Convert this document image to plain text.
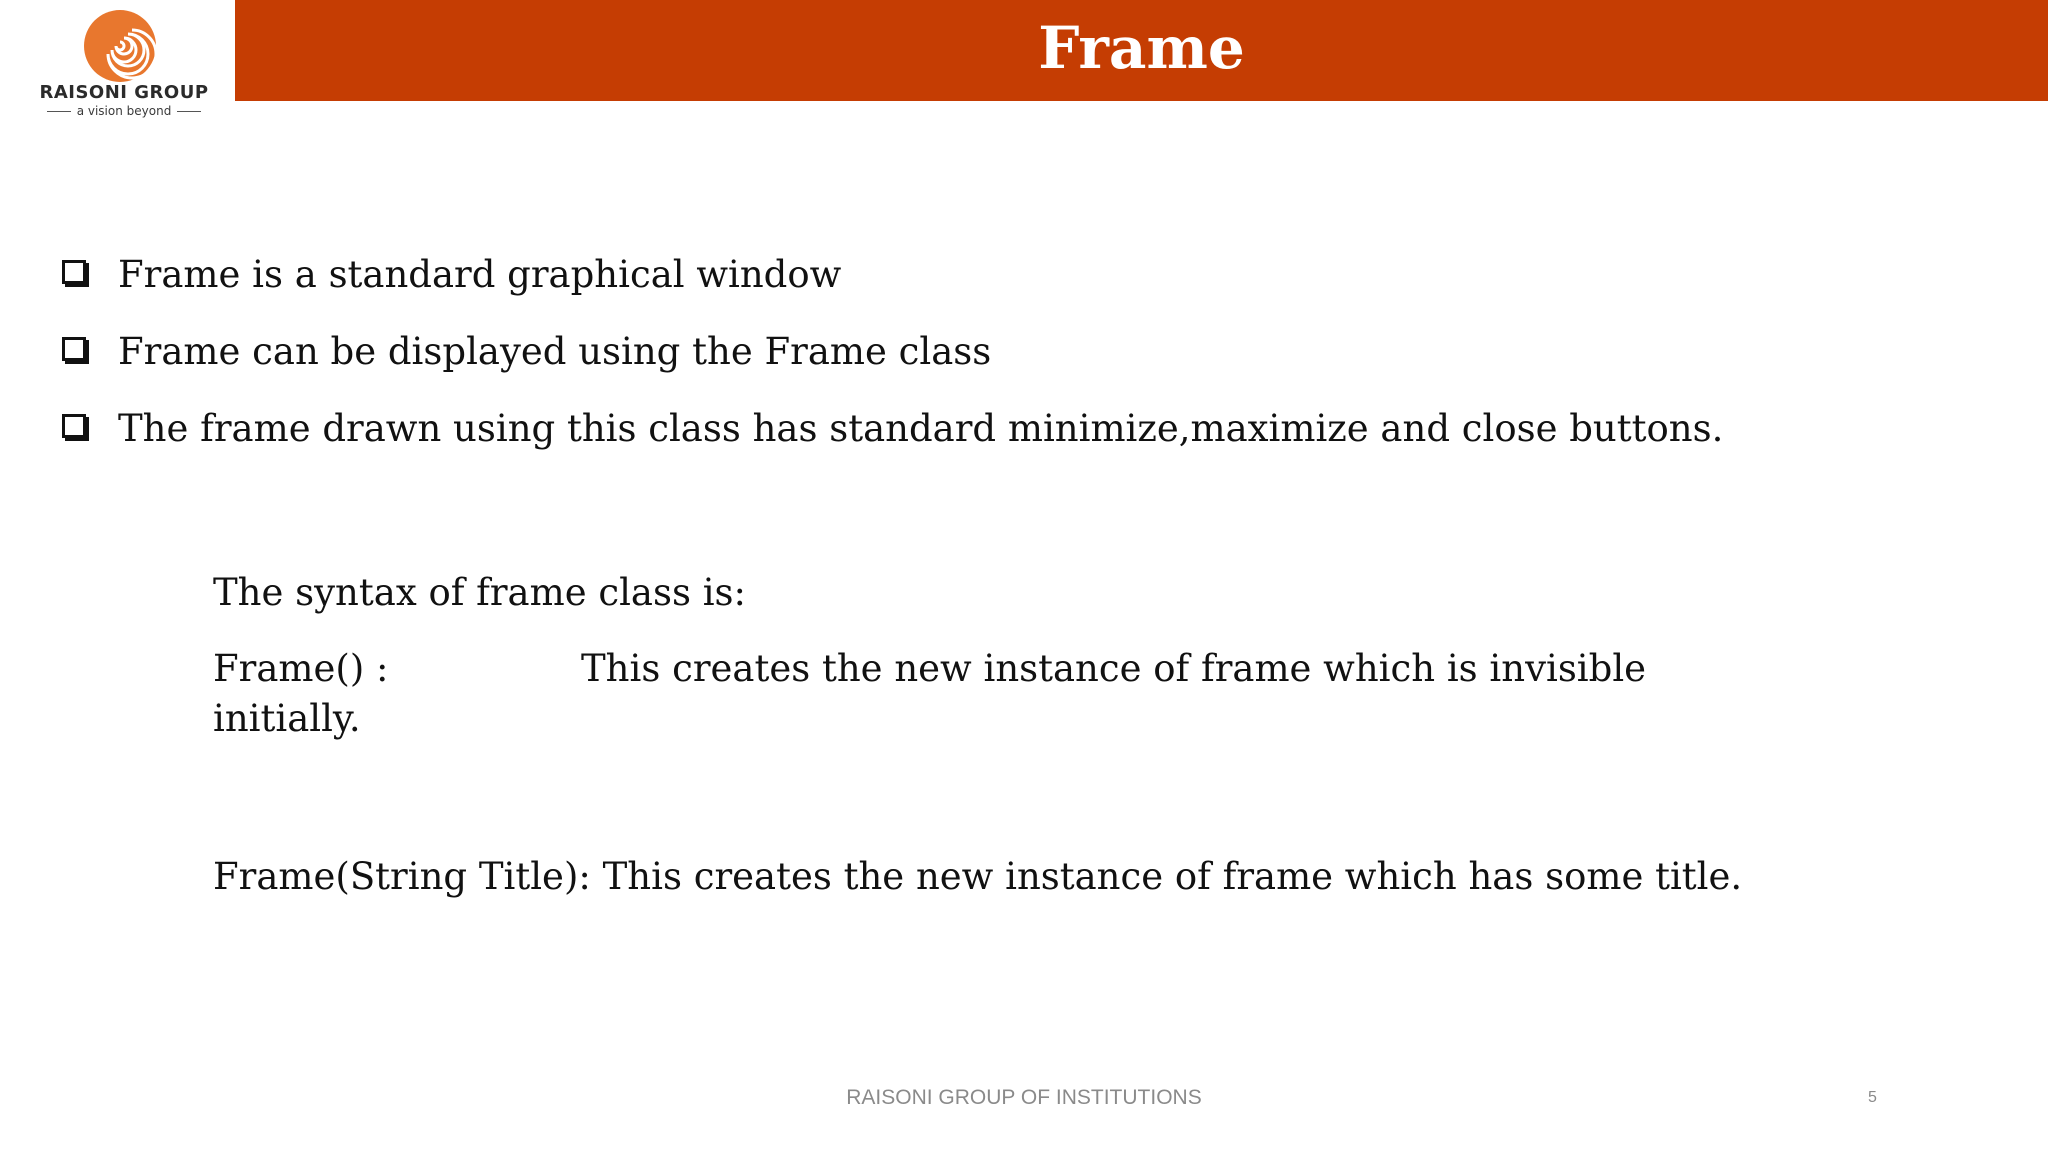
RAISONI GROUP
a vision beyond
Frame
Frame is a standard graphical window
Frame can be displayed using the Frame class
The frame drawn using this class has standard minimize,maximize and close buttons.
The syntax of frame class is:
Frame() :	This creates the new instance of frame which is invisible initially.
Frame(String Title): This creates the new instance of frame which has some title.
RAISONI GROUP OF INSTITUTIONS	5
